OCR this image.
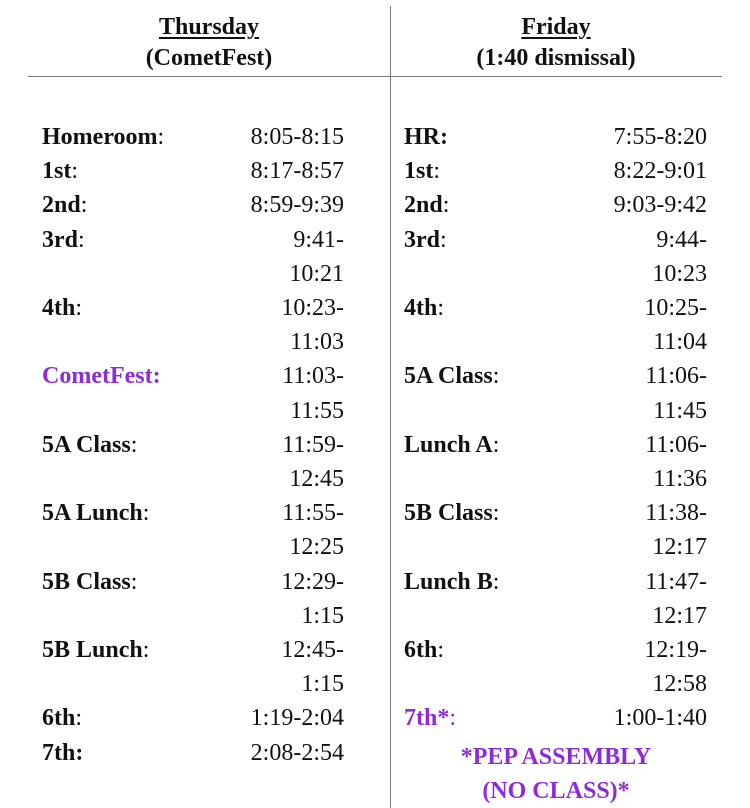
Thursday
(CometFest)
Homeroom:	8:05-8:15
1st:	8:17-8:57
2nd:	8:59-9:39
3rd:	9:41-
10:21
4th:	10:23-
11:03
CometFest:	11:03-
11:55
5A Class:	11:59-
12:45
5A Lunch:	11:55-
12:25
5B Class:	12:29-
1:15
5B Lunch:	12:45-
1:15
6th:	1:19-2:04
7th:	2:08-2:54
Friday
(1:40 dismissal)
HR:	7:55-8:20
1st:	8:22-9:01
2nd:	9:03-9:42
3rd:	9:44-
10:23
4th:	10:25-
11:04
5A Class:	11:06-
11:45
Lunch A:	11:06-
11:36
5B Class:	11:38-
12:17
Lunch B:	11:47-
12:17
6th:	12:19-
12:58
7th*:	1:00-1:40
*PEP ASSEMBLY
(NO CLASS)*
